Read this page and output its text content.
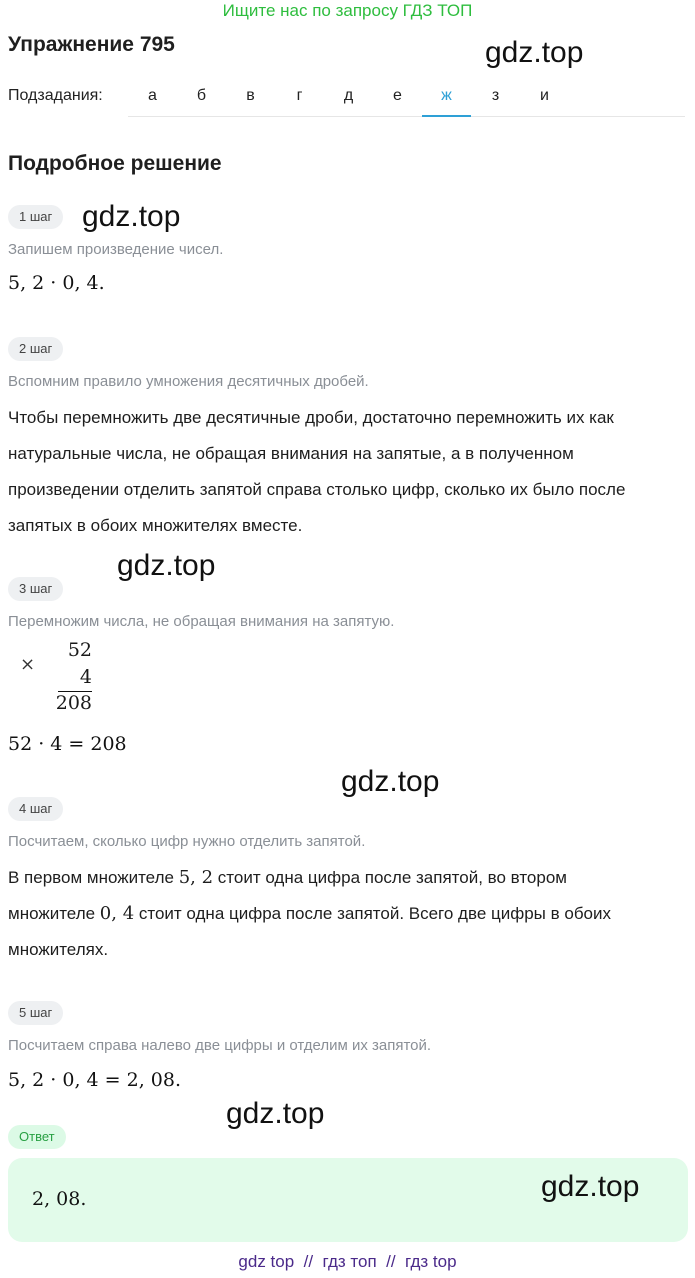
Ищите нас по запросу ГДЗ ТОП
Упражнение 795	gdz.top
Подзадания:	а	б	в	г	д	е	ж	з	и
Подробное решение
1 шаг gdz.top
Запишем произведение чисел.
5, 2 · 0, 4.
2 шаг
Вспомним правило умножения десятичных дробей.
Чтобы перемножить две десятичные дроби, достаточно перемножить их как
натуральные числа, не обращая внимания на запятые, а в полученном
произведении отделить запятой справа столько цифр, сколько их было после
запятых в обоих множителях вместе.
3 шаг
gdz.top
Перемножим числа, не обращая внимания на запятую.
×
52
4
208
52 · 4 = 208
gdz.top
4 шаг
Посчитаем, сколько цифр нужно отделить запятой.
В первом множителе 5, 2 стоит одна цифра после запятой, во втором
множителе 0, 4 стоит одна цифра после запятой. Всего две цифры в обоих
множителях.
5 шаг
Посчитаем справа налево две цифры и отделим их запятой.
5, 2 · 0, 4 = 2, 08.
gdz.top
Ответ
2, 08.	gdz.top
gdz top // гдз топ // гдз top
